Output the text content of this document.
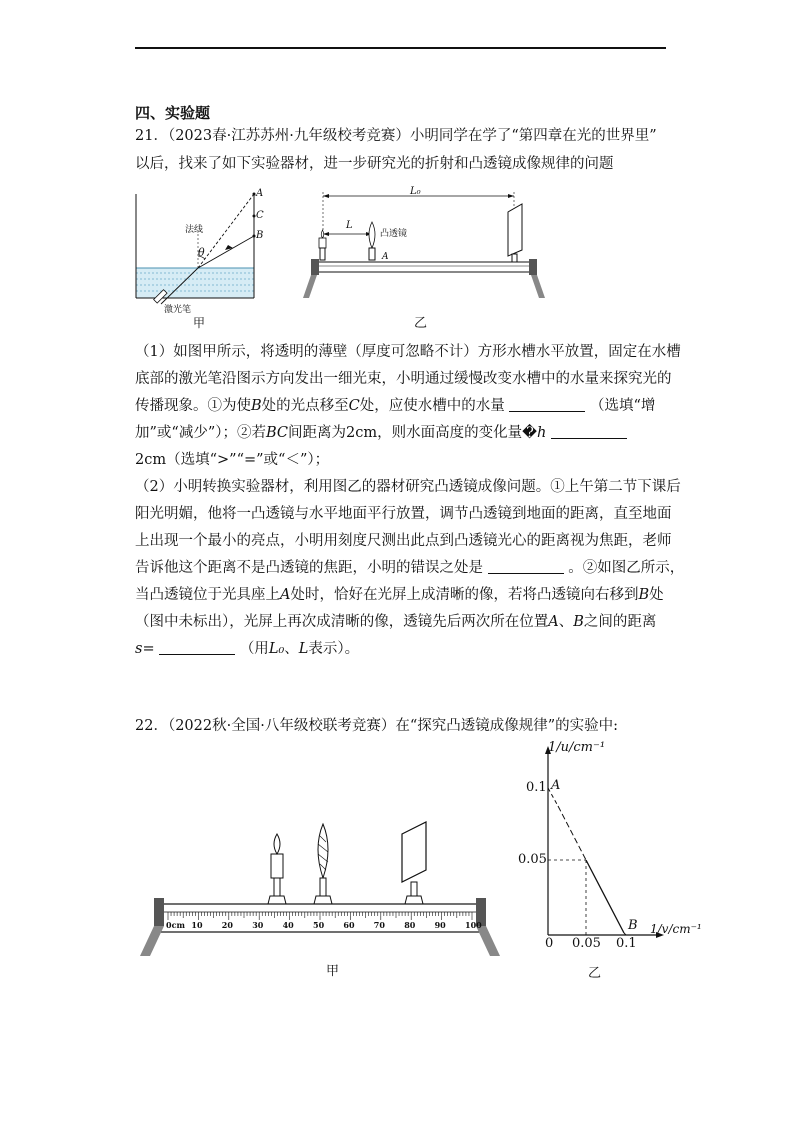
四、实验题
21．（2023春·江苏苏州·九年级校考竞赛）小明同学在学了“第四章在光的世界里”
以后，找来了如下实验器材，进一步研究光的折射和凸透镜成像规律的问题
法线
θ
A
C
B
激光笔
甲
L₀
L
凸透镜
A
乙
（1）如图甲所示，将透明的薄壁（厚度可忽略不计）方形水槽水平放置，固定在水槽
底部的激光笔沿图示方向发出一细光束，小明通过缓慢改变水槽中的水量来探究光的
传播现象。①为使B处的光点移至C处，应使水槽中的水量	（选填“增
加”或“减少”）；②若BC间距离为2cm，则水面高度的变化量�h
2cm（选填“>”“=”或“＜”）；
（2）小明转换实验器材，利用图乙的器材研究凸透镜成像问题。①上午第二节下课后
阳光明媚，他将一凸透镜与水平地面平行放置，调节凸透镜到地面的距离，直至地面
上出现一个最小的亮点，小明用刻度尺测出此点到凸透镜光心的距离视为焦距，老师
告诉他这个距离不是凸透镜的焦距，小明的错误之处是	。②如图乙所示，
当凸透镜位于光具座上A处时，恰好在光屏上成清晰的像，若将凸透镜向右移到B处
（图中未标出），光屏上再次成清晰的像，透镜先后两次所在位置A、B之间的距离
s=	（用L₀、L表示）。
22．（2022秋·全国·八年级校联考竞赛）在“探究凸透镜成像规律”的实验中:
0cm 10 20 30 40 50 60 70 80 90 100
甲
1/u/cm⁻¹
0.1
0.05
A
B
0 0.05 0.1
1/v/cm⁻¹
乙
